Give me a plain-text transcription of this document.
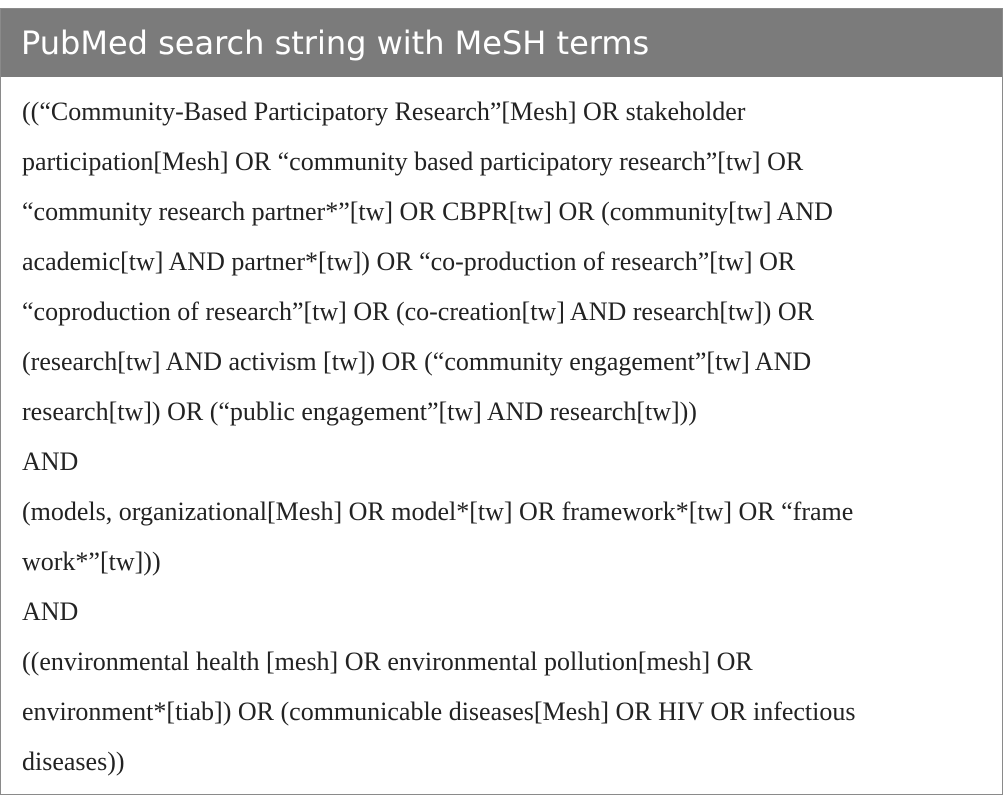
PubMed search string with MeSH terms
((“Community-Based Participatory Research”[Mesh] OR stakeholder
participation[Mesh] OR “community based participatory research”[tw] OR
“community research partner*”[tw] OR CBPR[tw] OR (community[tw] AND
academic[tw] AND partner*[tw]) OR “co-production of research”[tw] OR
“coproduction of research”[tw] OR (co-creation[tw] AND research[tw]) OR
(research[tw] AND activism [tw]) OR (“community engagement”[tw] AND
research[tw]) OR (“public engagement”[tw] AND research[tw]))
AND
(models, organizational[Mesh] OR model*[tw] OR framework*[tw] OR “frame
work*”[tw]))
AND
((environmental health [mesh] OR environmental pollution[mesh] OR
environment*[tiab]) OR (communicable diseases[Mesh] OR HIV OR infectious
diseases))
